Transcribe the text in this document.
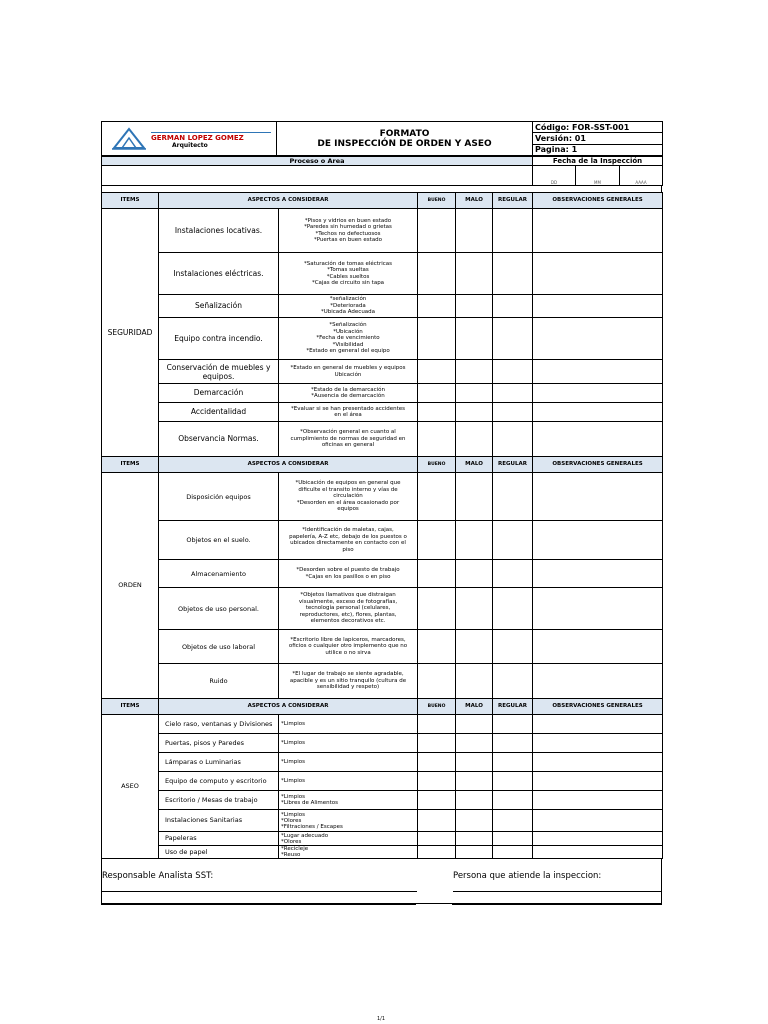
GERMAN LOPEZ GOMEZ
Arquitecto

FORMATO
DE INSPECCIÓN DE ORDEN Y ASEO
	Código: FOR-SST-001
Versión: 01
Pagina: 1
Proceso o Area	Fecha de la Inspección		
	DD	MM	AAAA
ITEMS	ASPECTOS A CONSIDERAR		BUENO	MALO	REGULAR	OBSERVACIONES GENERALES
SEGURIDAD	Instalaciones locativas.	*Pisos y vidrios en buen estado
*Paredes sin humedad o grietas
*Techos no defectuosos
*Puertas en buen estado				
	Instalaciones eléctricas.	*Saturación de tomas eléctricas
*Tomas sueltas
*Cables sueltos
*Cajas de circuito sin tapa				
	Señalización	*señalización
*Deteriorada
*Ubicada Adecuada				
	Equipo contra incendio.	*Señalización
*Ubicación
*Fecha de vencimiento
*Visibilidad
*Estado en general del equipo				
	Conservación de muebles y equipos.	*Estado en general de muebles y equipos
Ubicación				
	Demarcación	*Estado de la demarcación
*Ausencia de demarcación				
	Accidentalidad	*Evaluar si se han presentado accidentes
en el área				
	Observancia Normas.	*Observación general en cuanto al
cumplimiento de normas de seguridad en
oficinas en general				
ITEMS	ASPECTOS A CONSIDERAR		BUENO	MALO	REGULAR	OBSERVACIONES GENERALES
ORDEN	Disposición equipos	*Ubicación de equipos en general que
dificulte el transito interno y vías de
circulación
*Desorden en el área ocasionado por
equipos				
	Objetos en el suelo.	*Identificación de maletas, cajas,
papelería, A-Z etc, debajo de los puestos o
ubicados directamente en contacto con el
piso				
	Almacenamiento	*Desorden sobre el puesto de trabajo
*Cajas en los pasillos o en piso				
	Objetos de uso personal.	*Objetos llamativos que distraigan
visualmente, exceso de fotografías,
tecnología personal (celulares,
reproductores, etc), flores, plantas,
elementos decorativos etc.				
	Objetos de uso laboral	*Escritorio libre de lapiceros, marcadores,
oficios o cualquier otro implemento que no
utilice o no sirva				
	Ruido	*El lugar de trabajo se siente agradable,
apacible y es un sitio tranquilo (cultura de
sensibilidad y respeto)				
ITEMS	ASPECTOS A CONSIDERAR		BUENO	MALO	REGULAR	OBSERVACIONES GENERALES
ASEO	Cielo raso, ventanas y Divisiones	*Limpios				
	Puertas, pisos y Paredes	*Limpios				
	Lámparas o Luminarias	*Limpios				
	Equipo de computo y escritorio	*Limpios				
	Escritorio / Mesas de trabajo	*Limpios
*Libres de Alimentos				
	Instalaciones Sanitarias	*Limpios
*Olores
*Filtraciones / Escapes				
	Papeleras	*Lugar adecuado
*Olores				
	Uso de papel	*Recicleje
*Reuso				
Responsable Analista SST:	Persona que atiende la inspeccion:
1/1
